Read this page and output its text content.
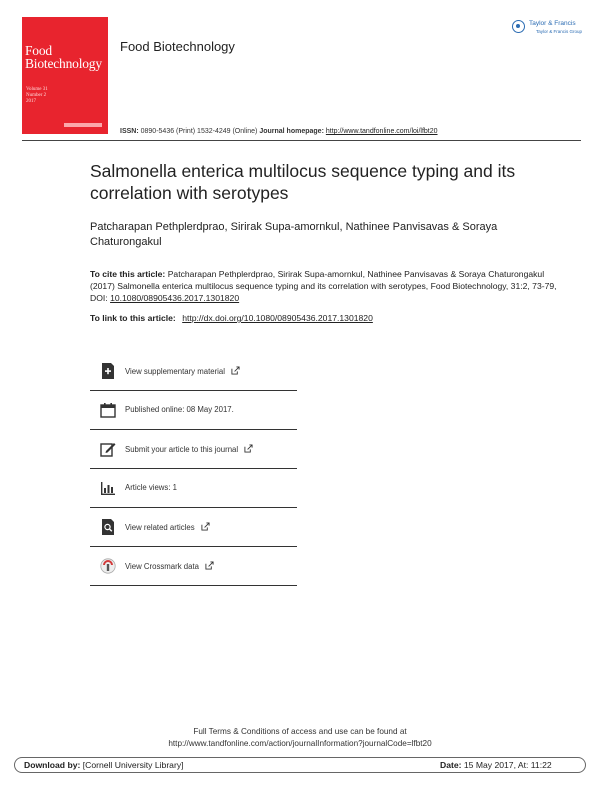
Food
Biotechnology
Volume 31
Number 2
2017
Food Biotechnology
Taylor & Francis
Taylor & Francis Group
ISSN: 0890-5436 (Print) 1532-4249 (Online) Journal homepage: http://www.tandfonline.com/loi/lfbt20
Salmonella enterica multilocus sequence typing and its correlation with serotypes
Patcharapan Pethplerdprao, Sirirak Supa-amornkul, Nathinee Panvisavas & Soraya Chaturongakul
To cite this article: Patcharapan Pethplerdprao, Sirirak Supa-amornkul, Nathinee Panvisavas & Soraya Chaturongakul (2017) Salmonella enterica multilocus sequence typing and its correlation with serotypes, Food Biotechnology, 31:2, 73-79, DOI: 10.1080/08905436.2017.1301820
To link to this article: http://dx.doi.org/10.1080/08905436.2017.1301820
View supplementary material
Published online: 08 May 2017.
Submit your article to this journal
Article views: 1
View related articles
View Crossmark data
Full Terms & Conditions of access and use can be found at
http://www.tandfonline.com/action/journalInformation?journalCode=lfbt20
Download by: [Cornell University Library]	Date: 15 May 2017, At: 11:22
